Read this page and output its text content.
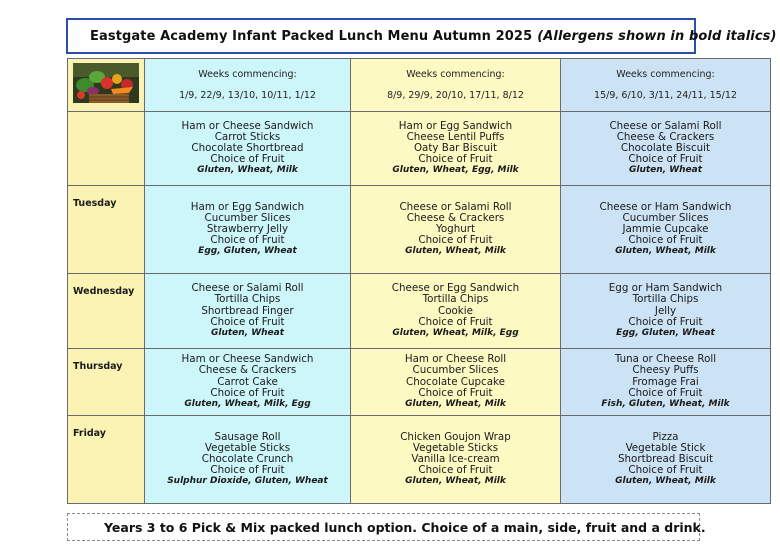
Eastgate Academy Infant Packed Lunch Menu Autumn 2025 (Allergens shown in bold italics)

Weeks commencing:
1/9, 22/9, 13/10, 10/11, 1/12	Weeks commencing:
8/9, 29/9, 20/10, 17/11, 8/12	Weeks commencing:
15/9, 6/10, 3/11, 24/11, 15/12

	Ham or Cheese Sandwich
Carrot Sticks
Chocolate Shortbread
Choice of Fruit
Gluten, Wheat, Milk	Ham or Egg Sandwich
Cheese Lentil Puffs
Oaty Bar Biscuit
Choice of Fruit
Gluten, Wheat, Egg, Milk	Cheese or Salami Roll
Cheese & Crackers
Chocolate Biscuit
Choice of Fruit
Gluten, Wheat

Tuesday	Ham or Egg Sandwich
Cucumber Slices
Strawberry Jelly
Choice of Fruit
Egg, Gluten, Wheat	Cheese or Salami Roll
Cheese & Crackers
Yoghurt
Choice of Fruit
Gluten, Wheat, Milk	Cheese or Ham Sandwich
Cucumber Slices
Jammie Cupcake
Choice of Fruit
Gluten, Wheat, Milk

Wednesday	Cheese or Salami Roll
Tortilla Chips
Shortbread Finger
Choice of Fruit
Gluten, Wheat	Cheese or Egg Sandwich
Tortilla Chips
Cookie
Choice of Fruit
Gluten, Wheat, Milk, Egg	Egg or Ham Sandwich
Tortilla Chips
Jelly
Choice of Fruit
Egg, Gluten, Wheat

Thursday	Ham or Cheese Sandwich
Cheese & Crackers
Carrot Cake
Choice of Fruit
Gluten, Wheat, Milk, Egg	Ham or Cheese Roll
Cucumber Slices
Chocolate Cupcake
Choice of Fruit
Gluten, Wheat, Milk	Tuna or Cheese Roll
Cheesy Puffs
Fromage Frai
Choice of Fruit
Fish, Gluten, Wheat, Milk

Friday	Sausage Roll
Vegetable Sticks
Chocolate Crunch
Choice of Fruit
Sulphur Dioxide, Gluten, Wheat	Chicken Goujon Wrap
Vegetable Sticks
Vanilla Ice-cream
Choice of Fruit
Gluten, Wheat, Milk	Pizza
Vegetable Stick
Shortbread Biscuit
Choice of Fruit
Gluten, Wheat, Milk
Years 3 to 6 Pick & Mix packed lunch option. Choice of a main, side, fruit and a drink.
